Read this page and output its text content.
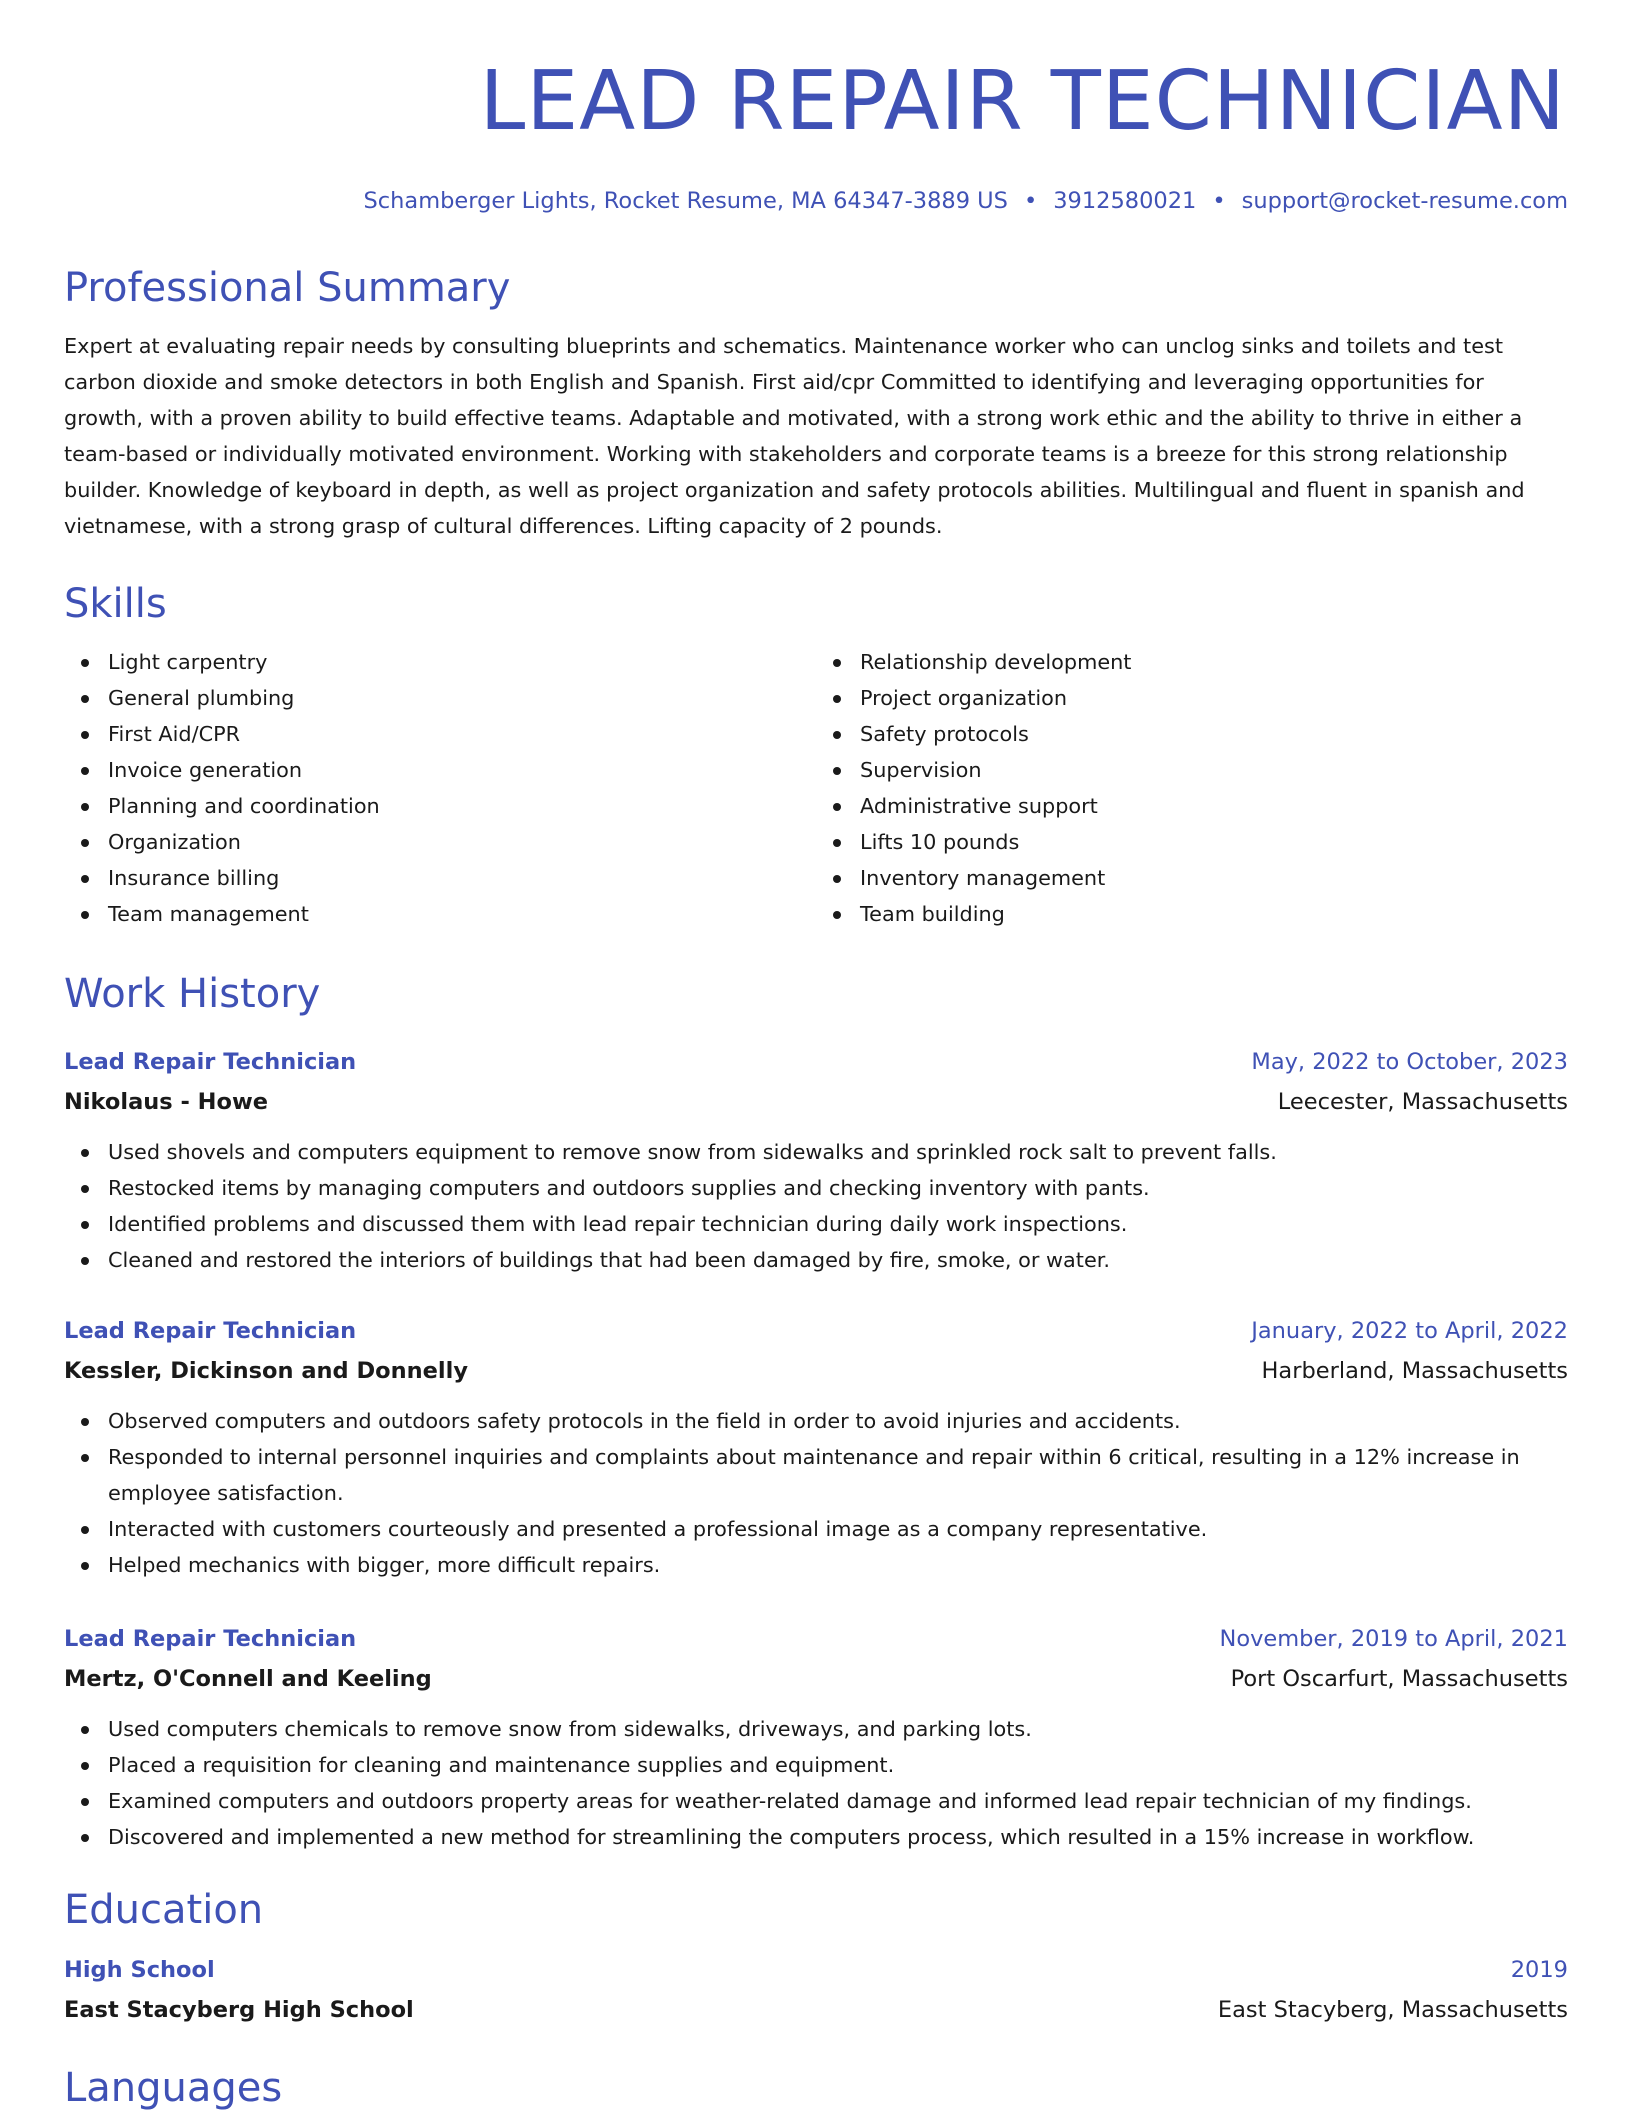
LEAD REPAIR TECHNICIAN
Schamberger Lights, Rocket Resume, MA 64347-3889 US • 3912580021 • support@rocket-resume.com
Professional Summary

Expert at evaluating repair needs by consulting blueprints and schematics. Maintenance worker who can unclog sinks and toilets and test carbon dioxide and smoke detectors in both English and Spanish. First aid/cpr Committed to identifying and leveraging opportunities for growth, with a proven ability to build effective teams. Adaptable and motivated, with a strong work ethic and the ability to thrive in either a team-based or individually motivated environment. Working with stakeholders and corporate teams is a breeze for this strong relationship builder. Knowledge of keyboard in depth, as well as project organization and safety protocols abilities. Multilingual and fluent in spanish and vietnamese, with a strong grasp of cultural differences. Lifting capacity of 2 pounds.

Skills
Light carpentry
General plumbing
First Aid/CPR
Invoice generation
Planning and coordination
Organization
Insurance billing
Team management
Relationship development
Project organization
Safety protocols
Supervision
Administrative support
Lifts 10 pounds
Inventory management
Team building
Work History
Lead Repair Technician	May, 2022 to October, 2023
Nikolaus - Howe	Leecester, Massachusetts
Used shovels and computers equipment to remove snow from sidewalks and sprinkled rock salt to prevent falls.
Restocked items by managing computers and outdoors supplies and checking inventory with pants.
Identified problems and discussed them with lead repair technician during daily work inspections.
Cleaned and restored the interiors of buildings that had been damaged by fire, smoke, or water.
Lead Repair Technician	January, 2022 to April, 2022
Kessler, Dickinson and Donnelly	Harberland, Massachusetts
Observed computers and outdoors safety protocols in the field in order to avoid injuries and accidents.
Responded to internal personnel inquiries and complaints about maintenance and repair within 6 critical, resulting in a 12% increase in employee satisfaction.
Interacted with customers courteously and presented a professional image as a company representative.
Helped mechanics with bigger, more difficult repairs.
Lead Repair Technician	November, 2019 to April, 2021
Mertz, O'Connell and Keeling	Port Oscarfurt, Massachusetts
Used computers chemicals to remove snow from sidewalks, driveways, and parking lots.
Placed a requisition for cleaning and maintenance supplies and equipment.
Examined computers and outdoors property areas for weather-related damage and informed lead repair technician of my findings.
Discovered and implemented a new method for streamlining the computers process, which resulted in a 15% increase in workflow.
Education
High School	2019
East Stacyberg High School	East Stacyberg, Massachusetts
Languages
